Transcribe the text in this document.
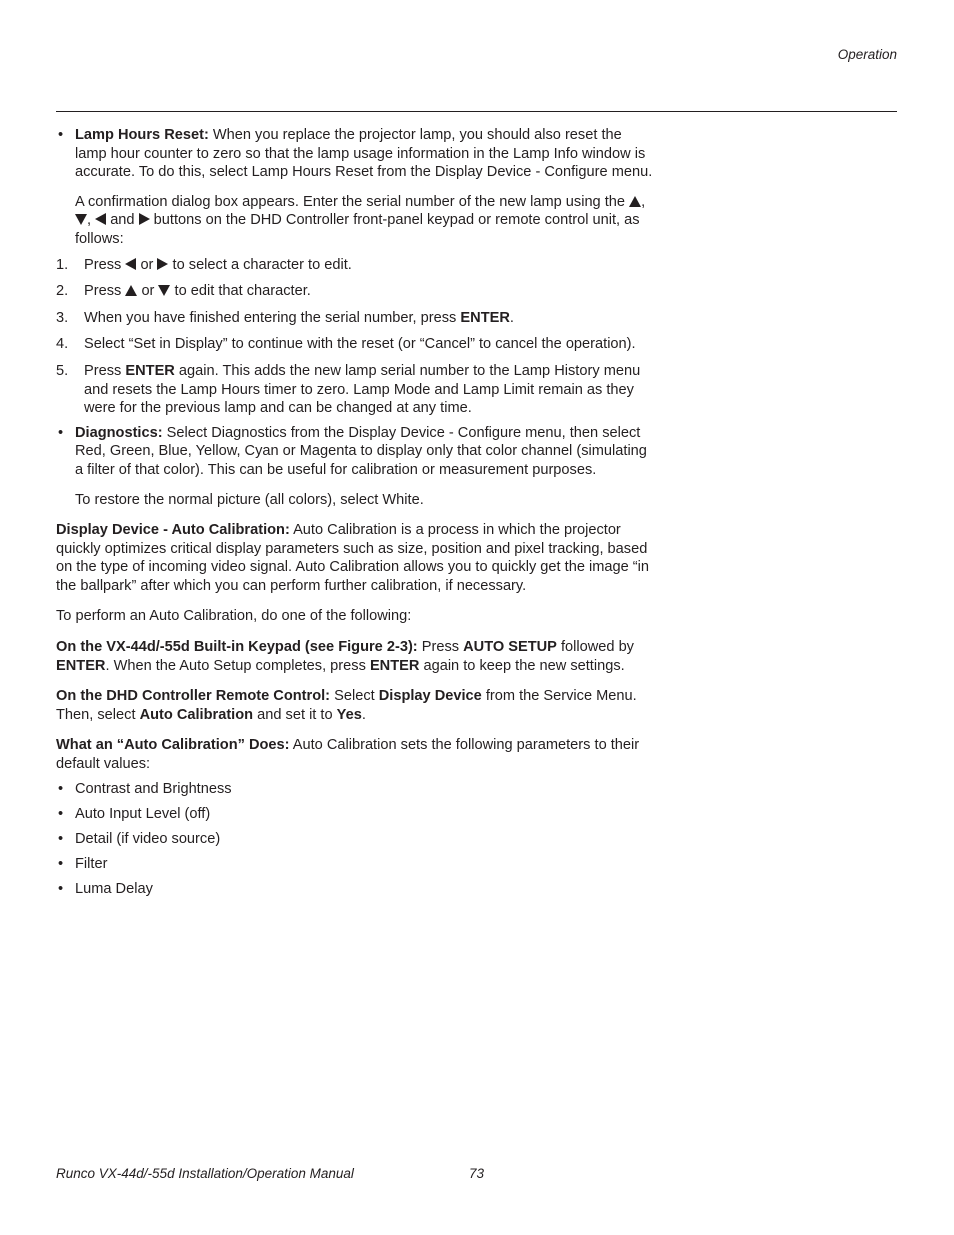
Operation

• Lamp Hours Reset: When you replace the projector lamp, you should also reset the lamp hour counter to zero so that the lamp usage information in the Lamp Info window is accurate. To do this, select Lamp Hours Reset from the Display Device - Configure menu.

A confirmation dialog box appears. Enter the serial number of the new lamp using the , , and buttons on the DHD Controller front-panel keypad or remote control unit, as follows:

1. Press or to select a character to edit.

2. Press or to edit that character.

3. When you have finished entering the serial number, press ENTER.

4. Select “Set in Display” to continue with the reset (or “Cancel” to cancel the operation).

5. Press ENTER again. This adds the new lamp serial number to the Lamp History menu and resets the Lamp Hours timer to zero. Lamp Mode and Lamp Limit remain as they were for the previous lamp and can be changed at any time.

• Diagnostics: Select Diagnostics from the Display Device - Configure menu, then select Red, Green, Blue, Yellow, Cyan or Magenta to display only that color channel (simulating a filter of that color). This can be useful for calibration or measurement purposes.

To restore the normal picture (all colors), select White.

Display Device - Auto Calibration: Auto Calibration is a process in which the projector quickly optimizes critical display parameters such as size, position and pixel tracking, based on the type of incoming video signal. Auto Calibration allows you to quickly get the image “in the ballpark” after which you can perform further calibration, if necessary.

To perform an Auto Calibration, do one of the following:

On the VX-44d/-55d Built-in Keypad (see Figure 2-3): Press AUTO SETUP followed by ENTER. When the Auto Setup completes, press ENTER again to keep the new settings.

On the DHD Controller Remote Control: Select Display Device from the Service Menu. Then, select Auto Calibration and set it to Yes.

What an “Auto Calibration” Does: Auto Calibration sets the following parameters to their default values:

• Contrast and Brightness

• Auto Input Level (off)

• Detail (if video source)

• Filter

• Luma Delay

Runco VX-44d/-55d Installation/Operation Manual	73
